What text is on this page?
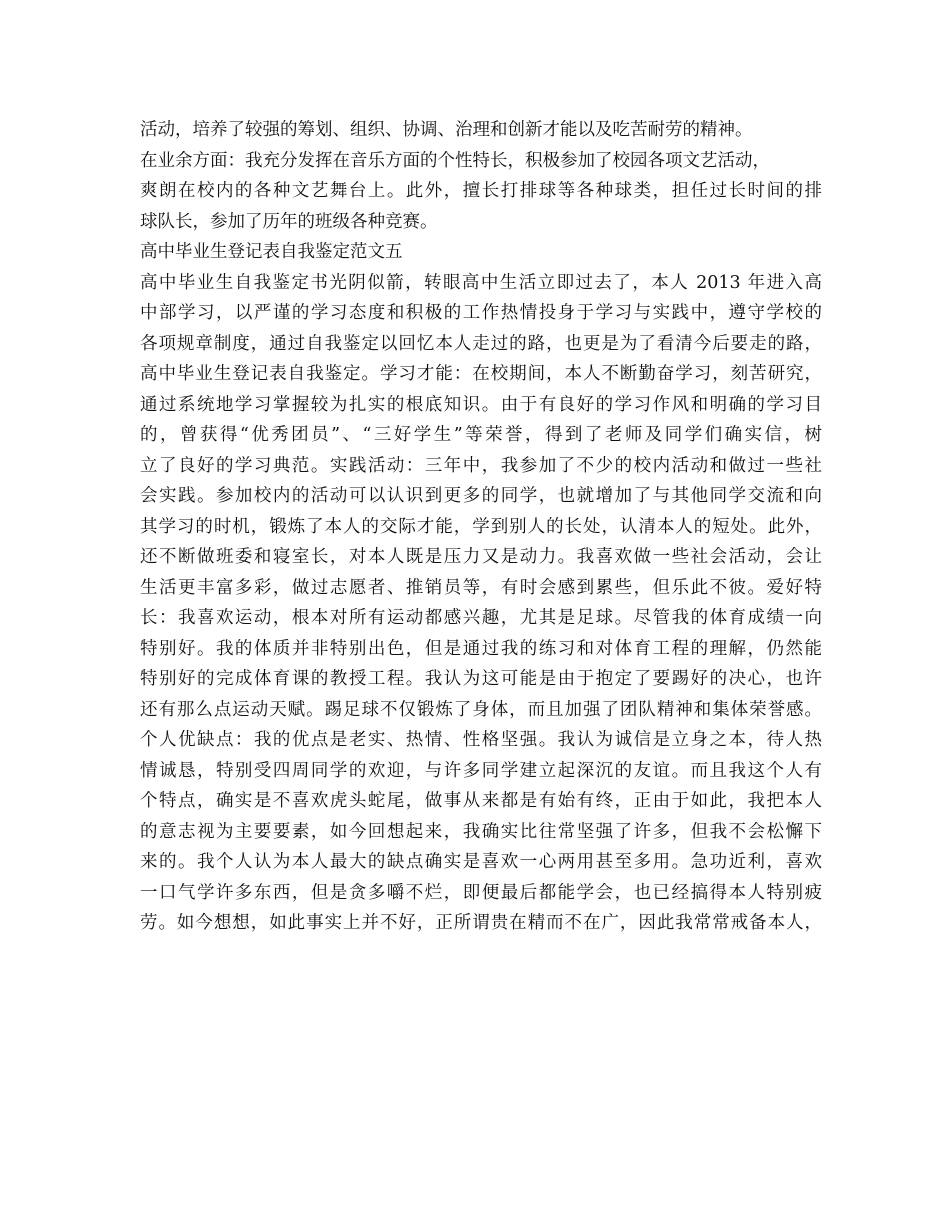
活动，培养了较强的筹划、组织、协调、治理和创新才能以及吃苦耐劳的精神。
在业余方面：我充分发挥在音乐方面的个性特长，积极参加了校园各项文艺活动，
爽朗在校内的各种文艺舞台上。此外，擅长打排球等各种球类，担任过长时间的排
球队长，参加了历年的班级各种竞赛。
高中毕业生登记表自我鉴定范文五
高中毕业生自我鉴定书光阴似箭，转眼高中生活立即过去了，本人 2013 年进入高
中部学习，以严谨的学习态度和积极的工作热情投身于学习与实践中，遵守学校的
各项规章制度，通过自我鉴定以回忆本人走过的路，也更是为了看清今后要走的路，
高中毕业生登记表自我鉴定。学习才能：在校期间，本人不断勤奋学习，刻苦研究，
通过系统地学习掌握较为扎实的根底知识。由于有良好的学习作风和明确的学习目
的，曾获得“优秀团员”、“三好学生”等荣誉，得到了老师及同学们确实信，树
立了良好的学习典范。实践活动：三年中，我参加了不少的校内活动和做过一些社
会实践。参加校内的活动可以认识到更多的同学，也就增加了与其他同学交流和向
其学习的时机，锻炼了本人的交际才能，学到别人的长处，认清本人的短处。此外，
还不断做班委和寝室长，对本人既是压力又是动力。我喜欢做一些社会活动，会让
生活更丰富多彩，做过志愿者、推销员等，有时会感到累些，但乐此不彼。爱好特
长：我喜欢运动，根本对所有运动都感兴趣，尤其是足球。尽管我的体育成绩一向
特别好。我的体质并非特别出色，但是通过我的练习和对体育工程的理解，仍然能
特别好的完成体育课的教授工程。我认为这可能是由于抱定了要踢好的决心，也许
还有那么点运动天赋。踢足球不仅锻炼了身体，而且加强了团队精神和集体荣誉感。
个人优缺点：我的优点是老实、热情、性格坚强。我认为诚信是立身之本，待人热
情诚恳，特别受四周同学的欢迎，与许多同学建立起深沉的友谊。而且我这个人有
个特点，确实是不喜欢虎头蛇尾，做事从来都是有始有终，正由于如此，我把本人
的意志视为主要要素，如今回想起来，我确实比往常坚强了许多，但我不会松懈下
来的。我个人认为本人最大的缺点确实是喜欢一心两用甚至多用。急功近利，喜欢
一口气学许多东西，但是贪多嚼不烂，即便最后都能学会，也已经搞得本人特别疲
劳。如今想想，如此事实上并不好，正所谓贵在精而不在广，因此我常常戒备本人，
